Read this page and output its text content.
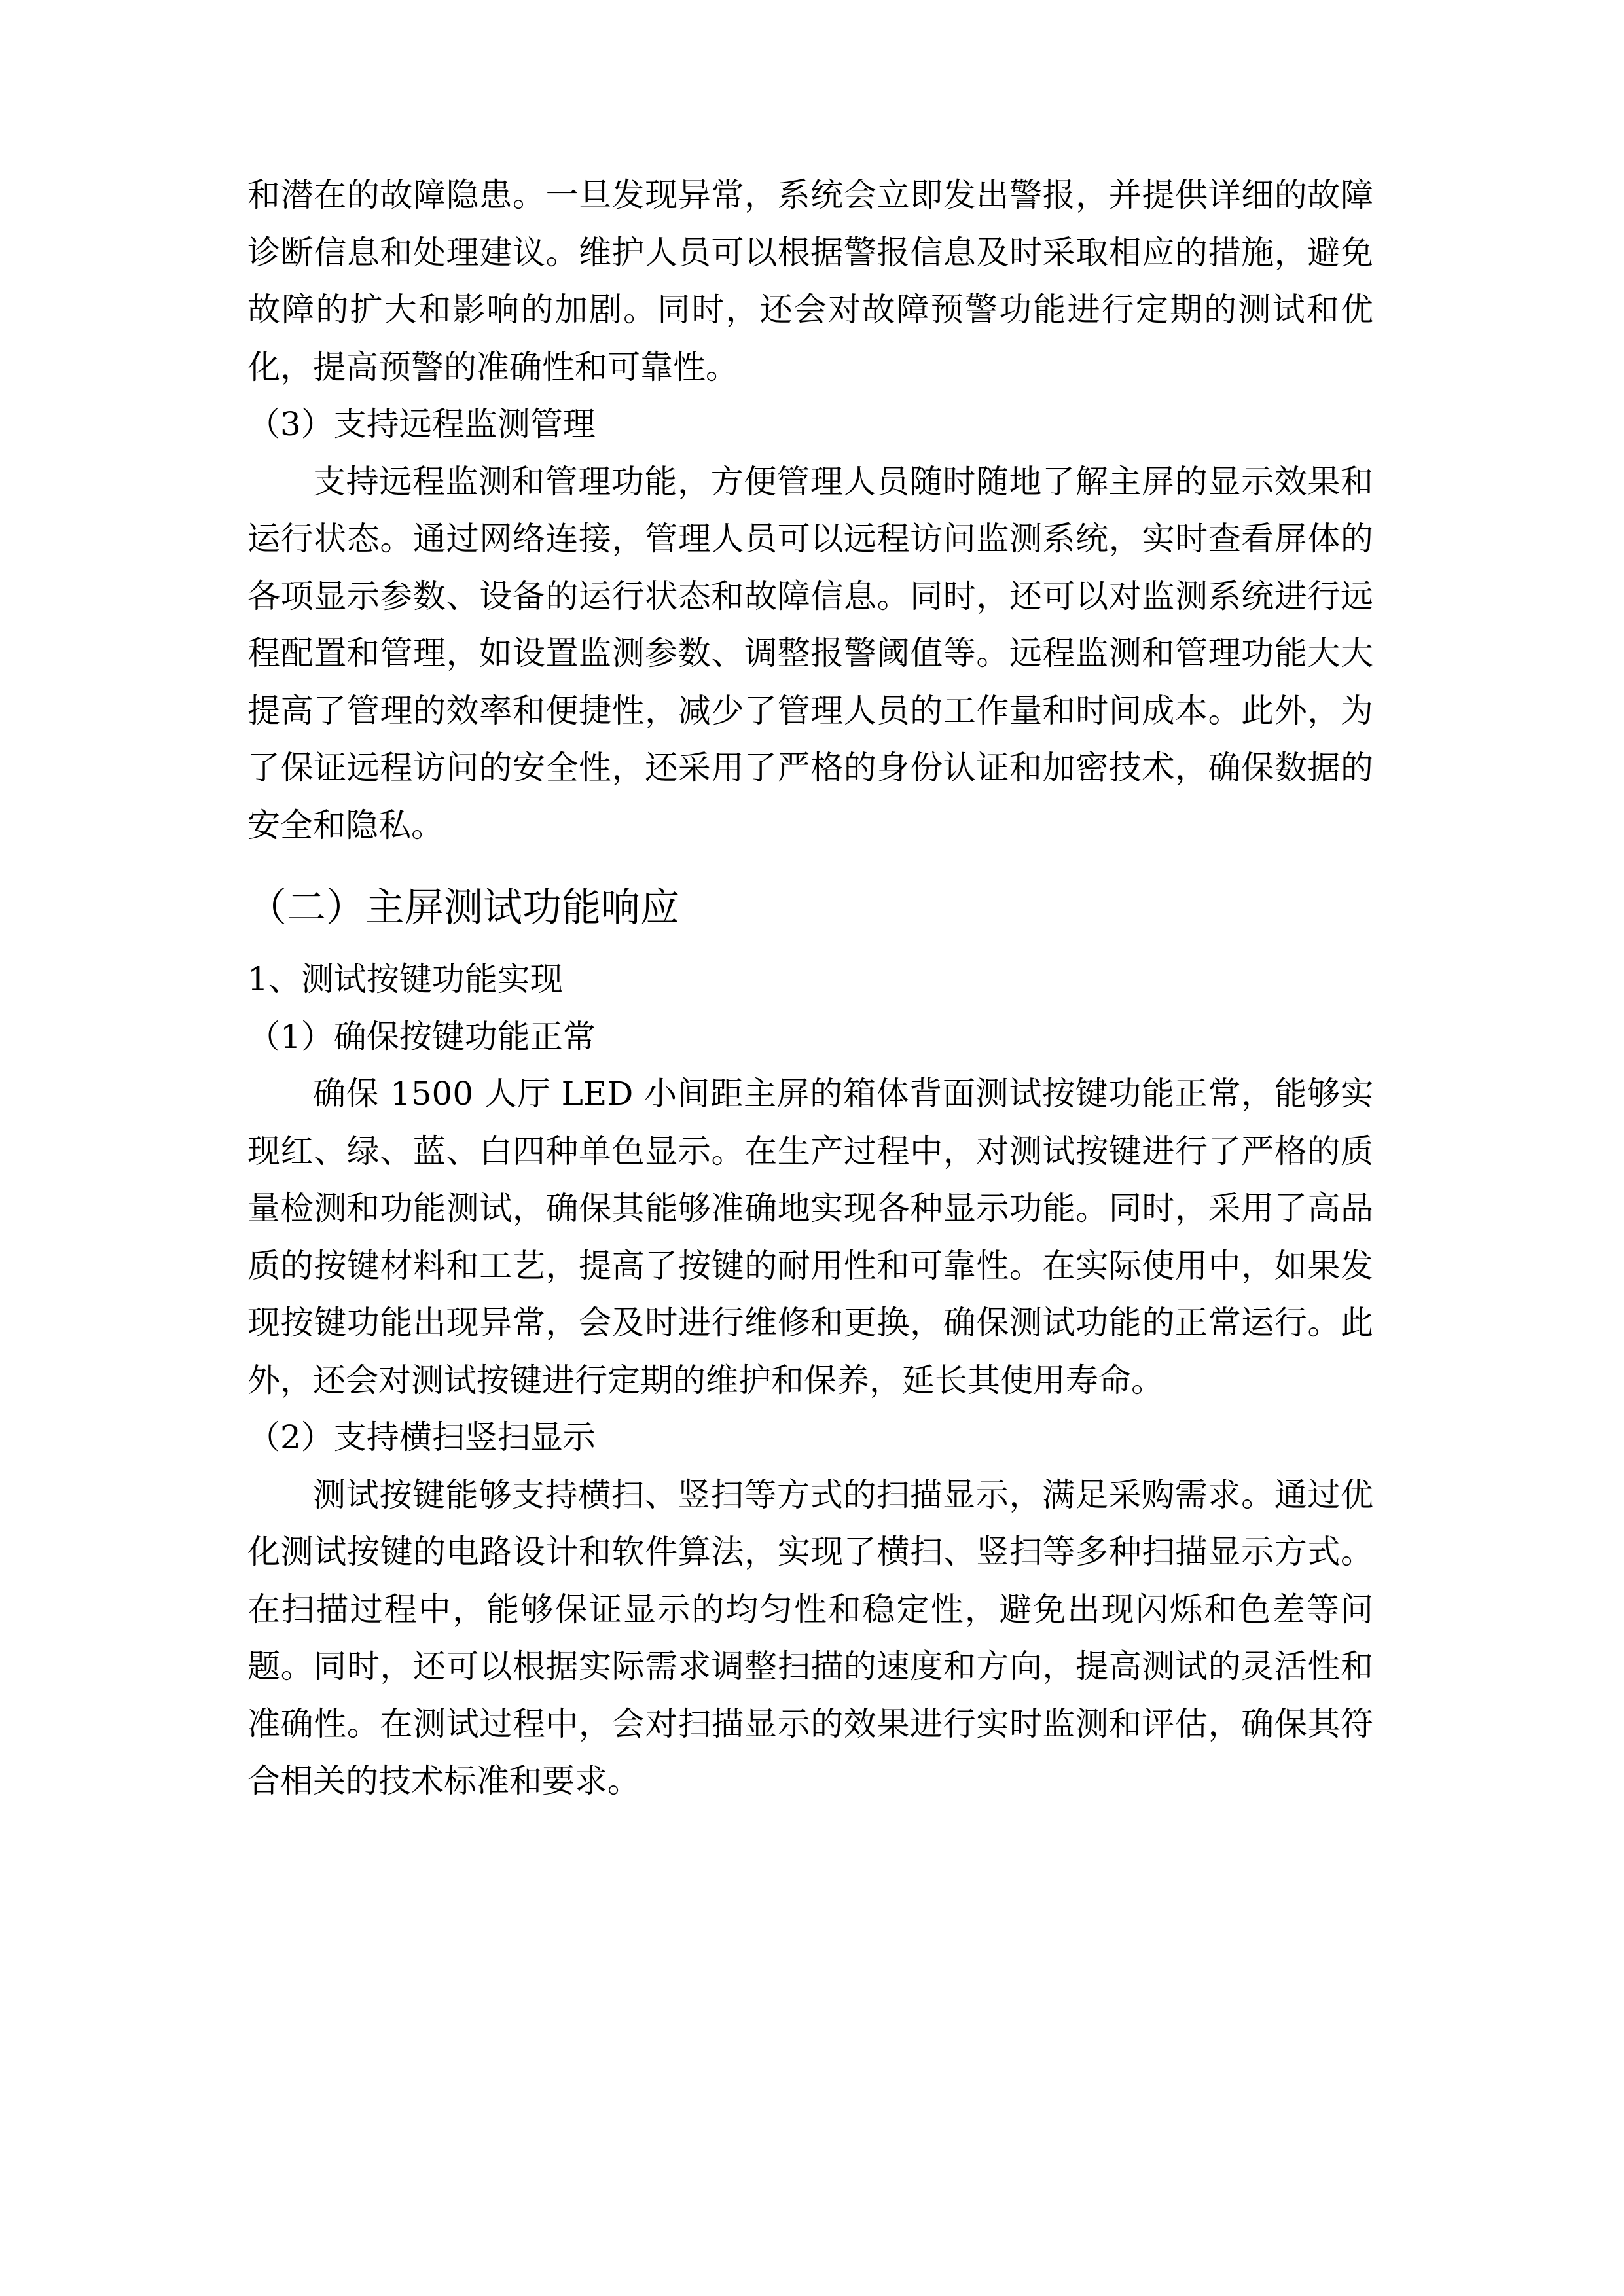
和潜在的故障隐患。一旦发现异常，系统会立即发出警报，并提供详细的故障诊断信息和处理建议。维护人员可以根据警报信息及时采取相应的措施，避免故障的扩大和影响的加剧。同时，还会对故障预警功能进行定期的测试和优化，提高预警的准确性和可靠性。

（3）支持远程监测管理

支持远程监测和管理功能，方便管理人员随时随地了解主屏的显示效果和运行状态。通过网络连接，管理人员可以远程访问监测系统，实时查看屏体的各项显示参数、设备的运行状态和故障信息。同时，还可以对监测系统进行远程配置和管理，如设置监测参数、调整报警阈值等。远程监测和管理功能大大提高了管理的效率和便捷性，减少了管理人员的工作量和时间成本。此外，为了保证远程访问的安全性，还采用了严格的身份认证和加密技术，确保数据的安全和隐私。

（二）主屏测试功能响应

1、测试按键功能实现

（1）确保按键功能正常

确保 1500 人厅 LED 小间距主屏的箱体背面测试按键功能正常，能够实现红、绿、蓝、白四种单色显示。在生产过程中，对测试按键进行了严格的质量检测和功能测试，确保其能够准确地实现各种显示功能。同时，采用了高品质的按键材料和工艺，提高了按键的耐用性和可靠性。在实际使用中，如果发现按键功能出现异常，会及时进行维修和更换，确保测试功能的正常运行。此外，还会对测试按键进行定期的维护和保养，延长其使用寿命。

（2）支持横扫竖扫显示

测试按键能够支持横扫、竖扫等方式的扫描显示，满足采购需求。通过优化测试按键的电路设计和软件算法，实现了横扫、竖扫等多种扫描显示方式。在扫描过程中，能够保证显示的均匀性和稳定性，避免出现闪烁和色差等问题。同时，还可以根据实际需求调整扫描的速度和方向，提高测试的灵活性和准确性。在测试过程中，会对扫描显示的效果进行实时监测和评估，确保其符合相关的技术标准和要求。
